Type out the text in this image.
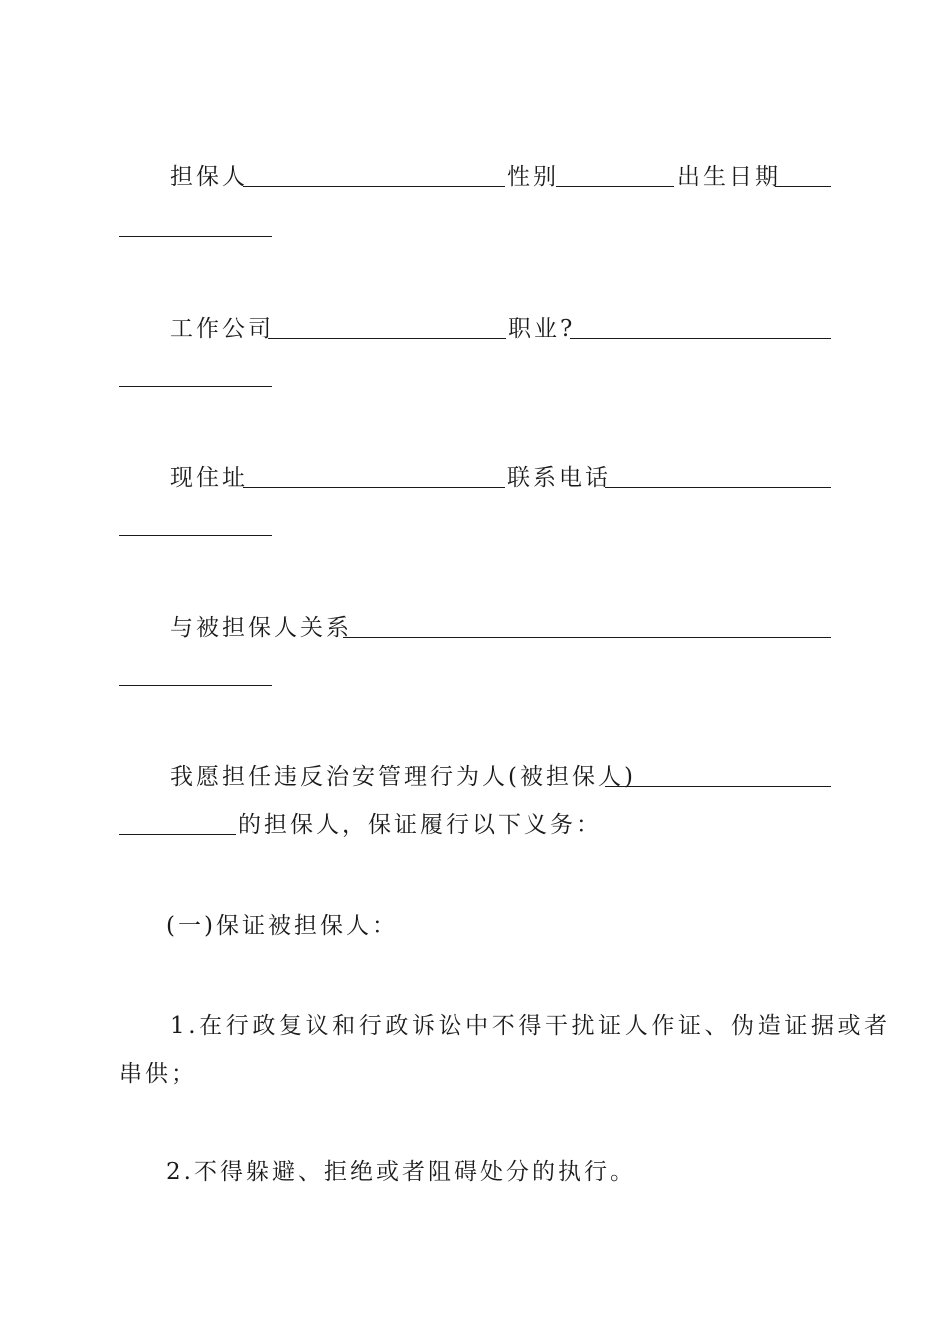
担保人	性别	出生日期
工作公司	职业?
现住址	联系电话
与被担保人关系
我愿担任违反治安管理行为人(被担保人)
的担保人，保证履行以下义务：
(一)保证被担保人：
1.在行政复议和行政诉讼中不得干扰证人作证、伪造证据或者
串供；
2.不得躲避、拒绝或者阻碍处分的执行。
